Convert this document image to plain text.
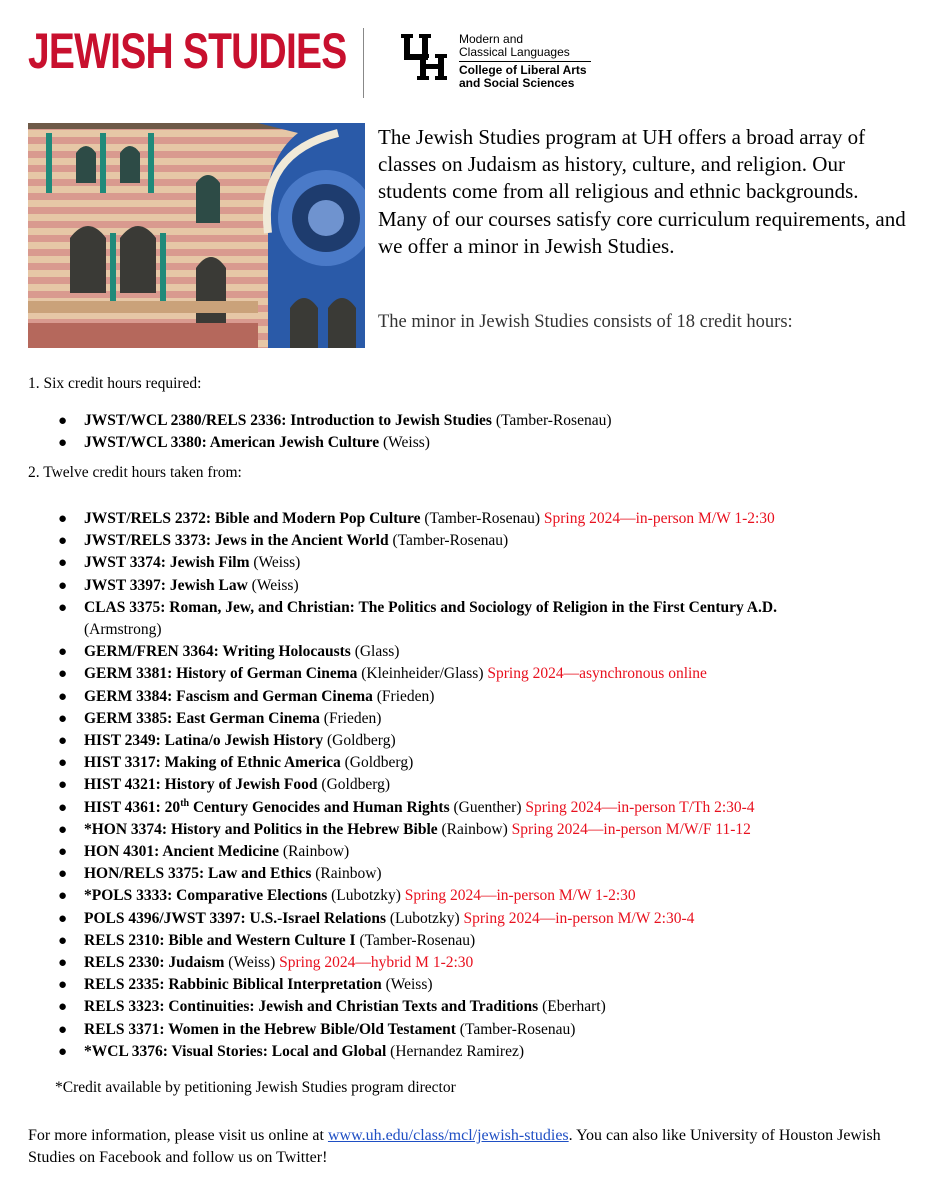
JEWISH STUDIES	Modern and
Classical Languages
College of Liberal Arts
and Social Sciences
The Jewish Studies program at UH offers a broad array of classes on Judaism as history, culture, and religion. Our students come from all religious and ethnic backgrounds. Many of our courses satisfy core curriculum requirements, and we offer a minor in Jewish Studies.
The minor in Jewish Studies consists of 18 credit hours:
1. Six credit hours required:
● JWST/WCL 2380/RELS 2336: Introduction to Jewish Studies (Tamber-Rosenau)
● JWST/WCL 3380: American Jewish Culture (Weiss)
2. Twelve credit hours taken from:
● JWST/RELS 2372: Bible and Modern Pop Culture (Tamber-Rosenau) Spring 2024—in-person M/W 1-2:30
● JWST/RELS 3373: Jews in the Ancient World (Tamber-Rosenau)
● JWST 3374: Jewish Film (Weiss)
● JWST 3397: Jewish Law (Weiss)
● CLAS 3375: Roman, Jew, and Christian: The Politics and Sociology of Religion in the First Century A.D.
(Armstrong)
● GERM/FREN 3364: Writing Holocausts (Glass)
● GERM 3381: History of German Cinema (Kleinheider/Glass) Spring 2024—asynchronous online
● GERM 3384: Fascism and German Cinema (Frieden)
● GERM 3385: East German Cinema (Frieden)
● HIST 2349: Latina/o Jewish History (Goldberg)
● HIST 3317: Making of Ethnic America (Goldberg)
● HIST 4321: History of Jewish Food (Goldberg)
● HIST 4361: 20th Century Genocides and Human Rights (Guenther) Spring 2024—in-person T/Th 2:30-4
● *HON 3374: History and Politics in the Hebrew Bible (Rainbow) Spring 2024—in-person M/W/F 11-12
● HON 4301: Ancient Medicine (Rainbow)
● HON/RELS 3375: Law and Ethics (Rainbow)
● *POLS 3333: Comparative Elections (Lubotzky) Spring 2024—in-person M/W 1-2:30
● POLS 4396/JWST 3397: U.S.-Israel Relations (Lubotzky) Spring 2024—in-person M/W 2:30-4
● RELS 2310: Bible and Western Culture I (Tamber-Rosenau)
● RELS 2330: Judaism (Weiss) Spring 2024—hybrid M 1-2:30
● RELS 2335: Rabbinic Biblical Interpretation (Weiss)
● RELS 3323: Continuities: Jewish and Christian Texts and Traditions (Eberhart)
● RELS 3371: Women in the Hebrew Bible/Old Testament (Tamber-Rosenau)
● *WCL 3376: Visual Stories: Local and Global (Hernandez Ramirez)
*Credit available by petitioning Jewish Studies program director
For more information, please visit us online at www.uh.edu/class/mcl/jewish-studies. You can also like University of Houston Jewish Studies on Facebook and follow us on Twitter!
